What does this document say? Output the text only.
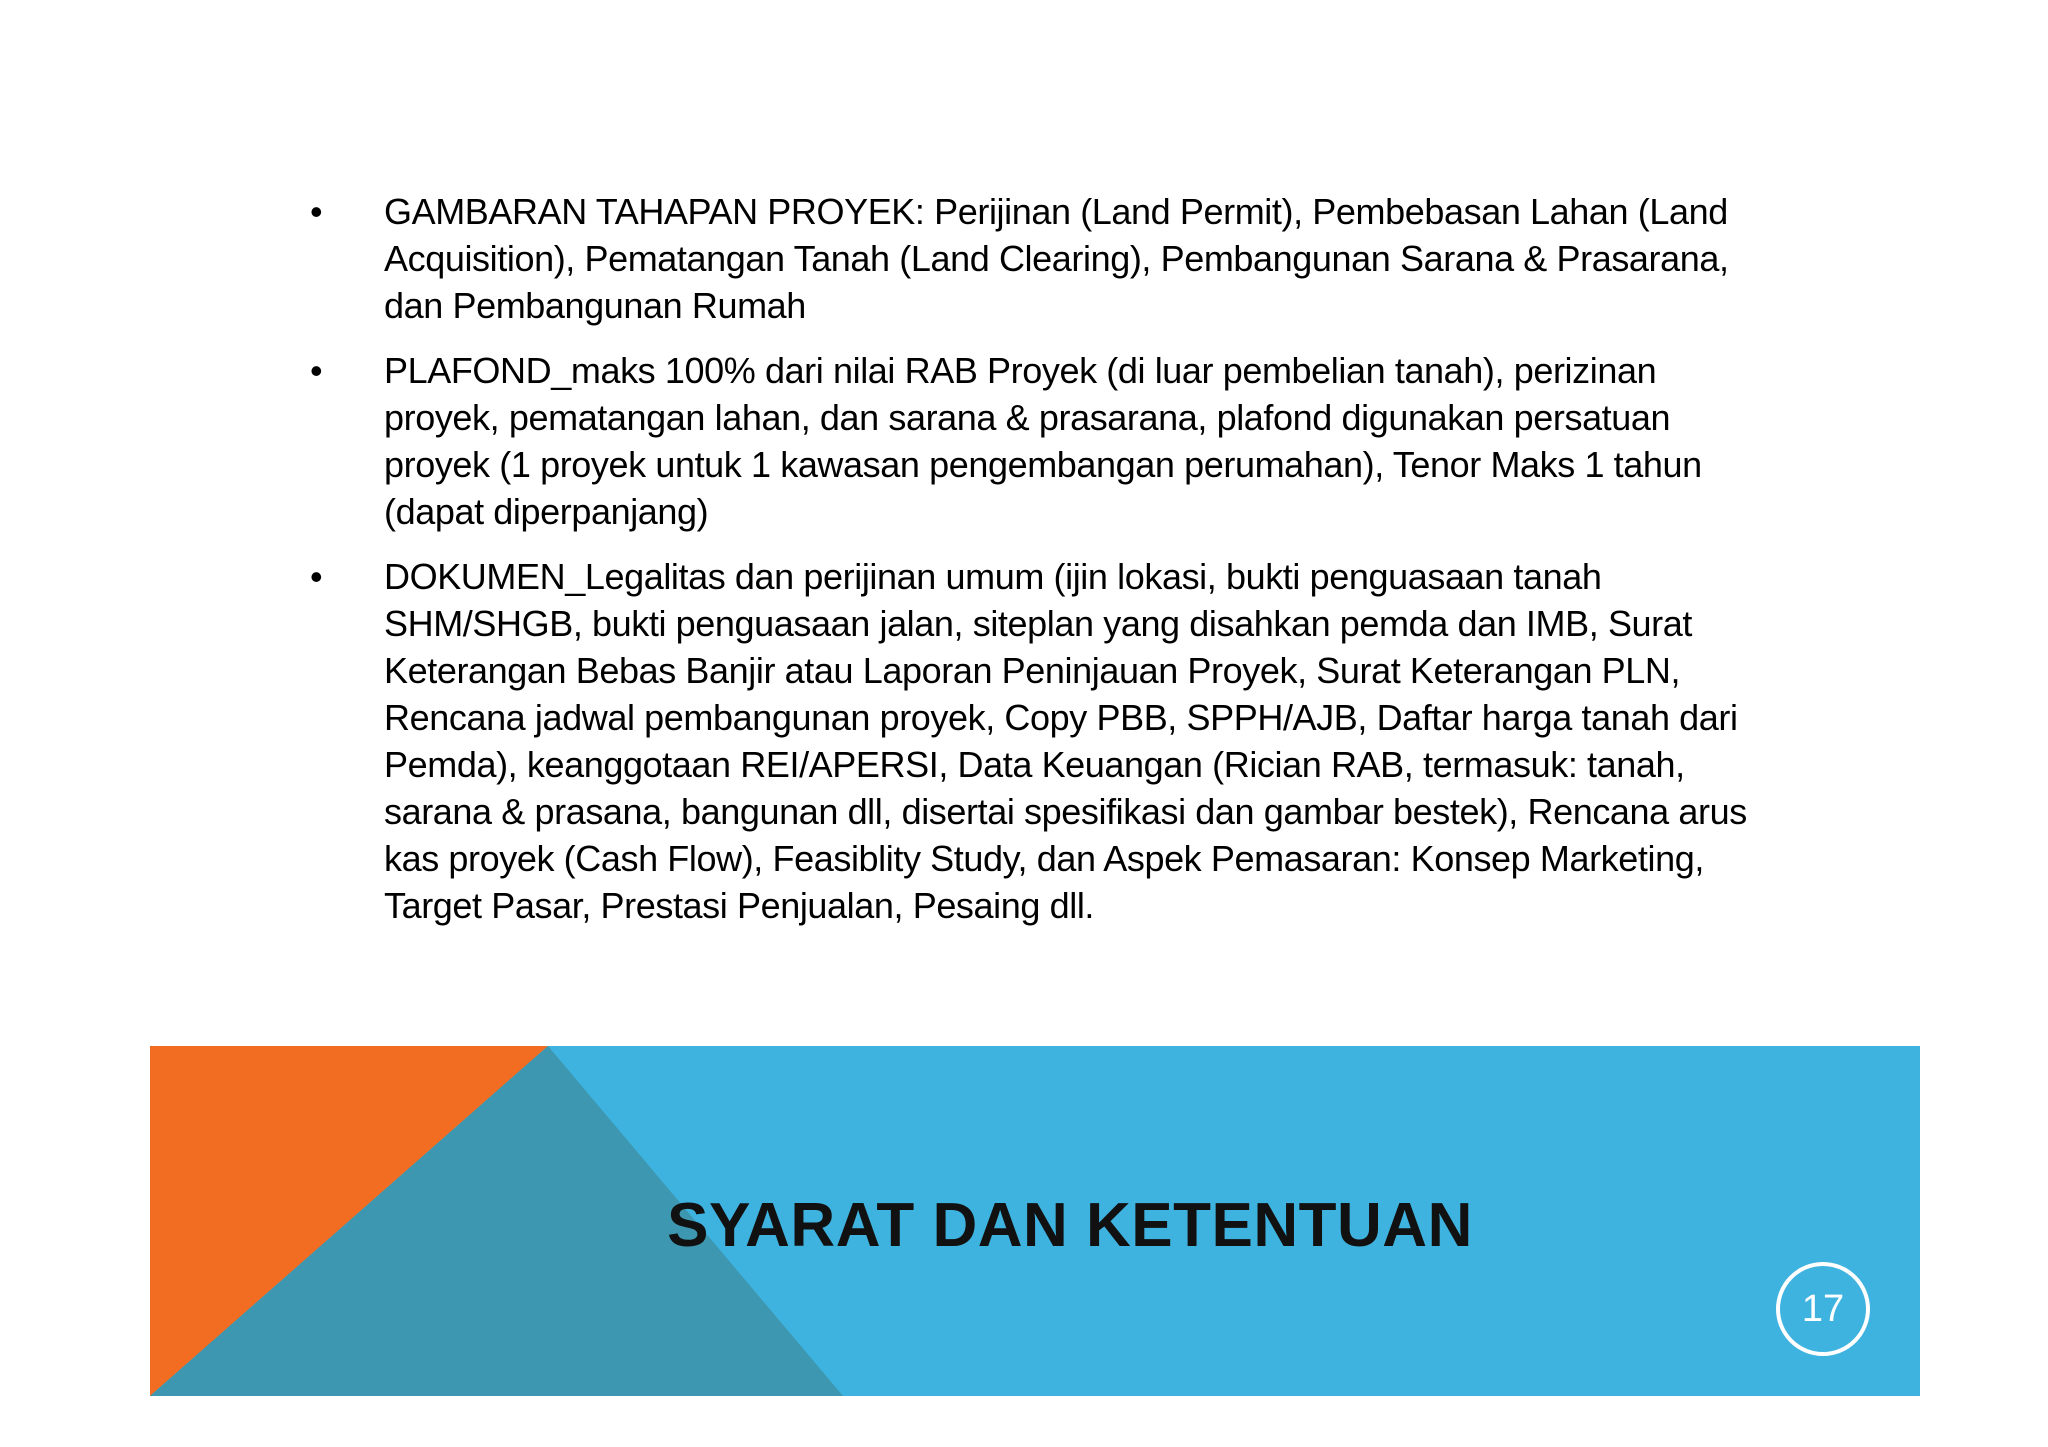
• GAMBARAN TAHAPAN PROYEK: Perijinan (Land Permit), Pembebasan Lahan (Land Acquisition), Pematangan Tanah (Land Clearing), Pembangunan Sarana & Prasarana, dan Pembangunan Rumah
• PLAFOND_maks 100% dari nilai RAB Proyek (di luar pembelian tanah), perizinan proyek, pematangan lahan, dan sarana & prasarana, plafond digunakan persatuan proyek (1 proyek untuk 1 kawasan pengembangan perumahan), Tenor Maks 1 tahun (dapat diperpanjang)
• DOKUMEN_Legalitas dan perijinan umum (ijin lokasi, bukti penguasaan tanah SHM/SHGB, bukti penguasaan jalan, siteplan yang disahkan pemda dan IMB, Surat Keterangan Bebas Banjir atau Laporan Peninjauan Proyek, Surat Keterangan PLN, Rencana jadwal pembangunan proyek, Copy PBB, SPPH/AJB, Daftar harga tanah dari Pemda), keanggotaan REI/APERSI, Data Keuangan (Rician RAB, termasuk: tanah, sarana & prasana, bangunan dll, disertai spesifikasi dan gambar bestek), Rencana arus kas proyek (Cash Flow), Feasiblity Study, dan Aspek Pemasaran: Konsep Marketing, Target Pasar, Prestasi Penjualan, Pesaing dll.
SYARAT DAN KETENTUAN
17
